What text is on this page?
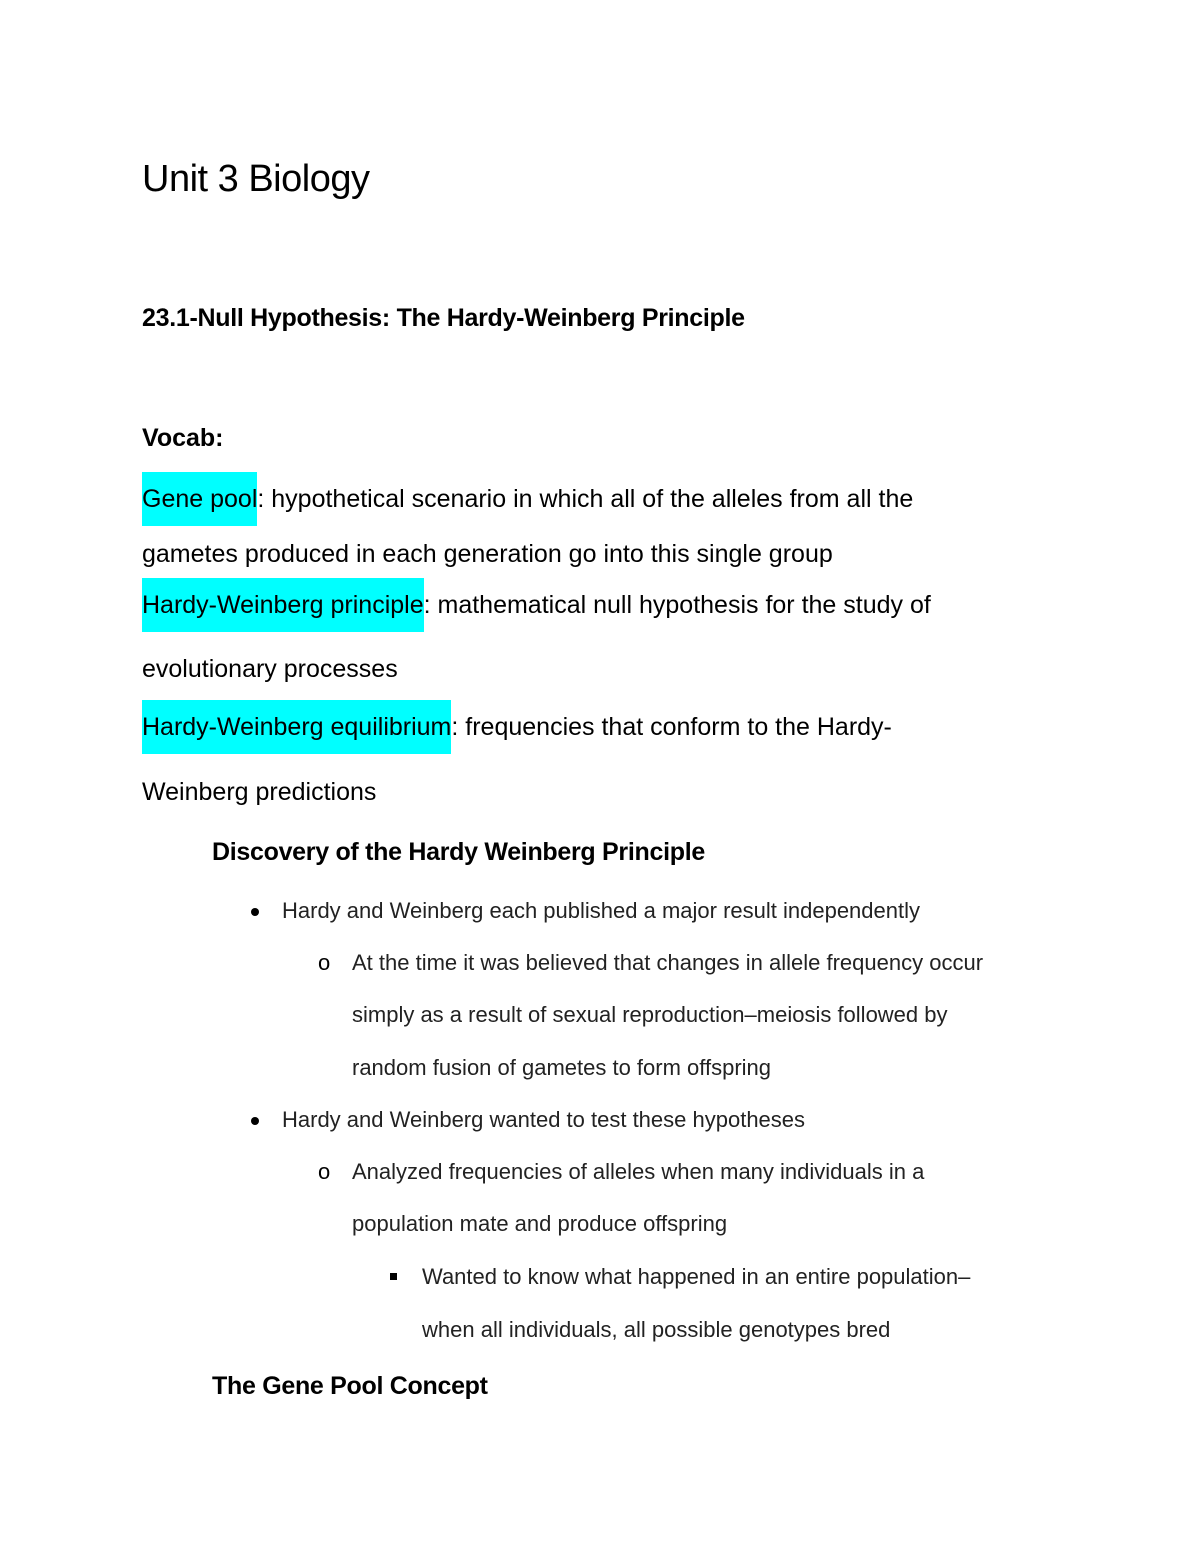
Unit 3 Biology
23.1-Null Hypothesis: The Hardy-Weinberg Principle
Vocab:
Gene pool: hypothetical scenario in which all of the alleles from all the
gametes produced in each generation go into this single group
Hardy-Weinberg principle: mathematical null hypothesis for the study of
evolutionary processes
Hardy-Weinberg equilibrium: frequencies that conform to the Hardy-
Weinberg predictions
Discovery of the Hardy Weinberg Principle
Hardy and Weinberg each published a major result independently
o At the time it was believed that changes in allele frequency occur
simply as a result of sexual reproduction–meiosis followed by
random fusion of gametes to form offspring
Hardy and Weinberg wanted to test these hypotheses
o Analyzed frequencies of alleles when many individuals in a
population mate and produce offspring
Wanted to know what happened in an entire population–
when all individuals, all possible genotypes bred
The Gene Pool Concept
